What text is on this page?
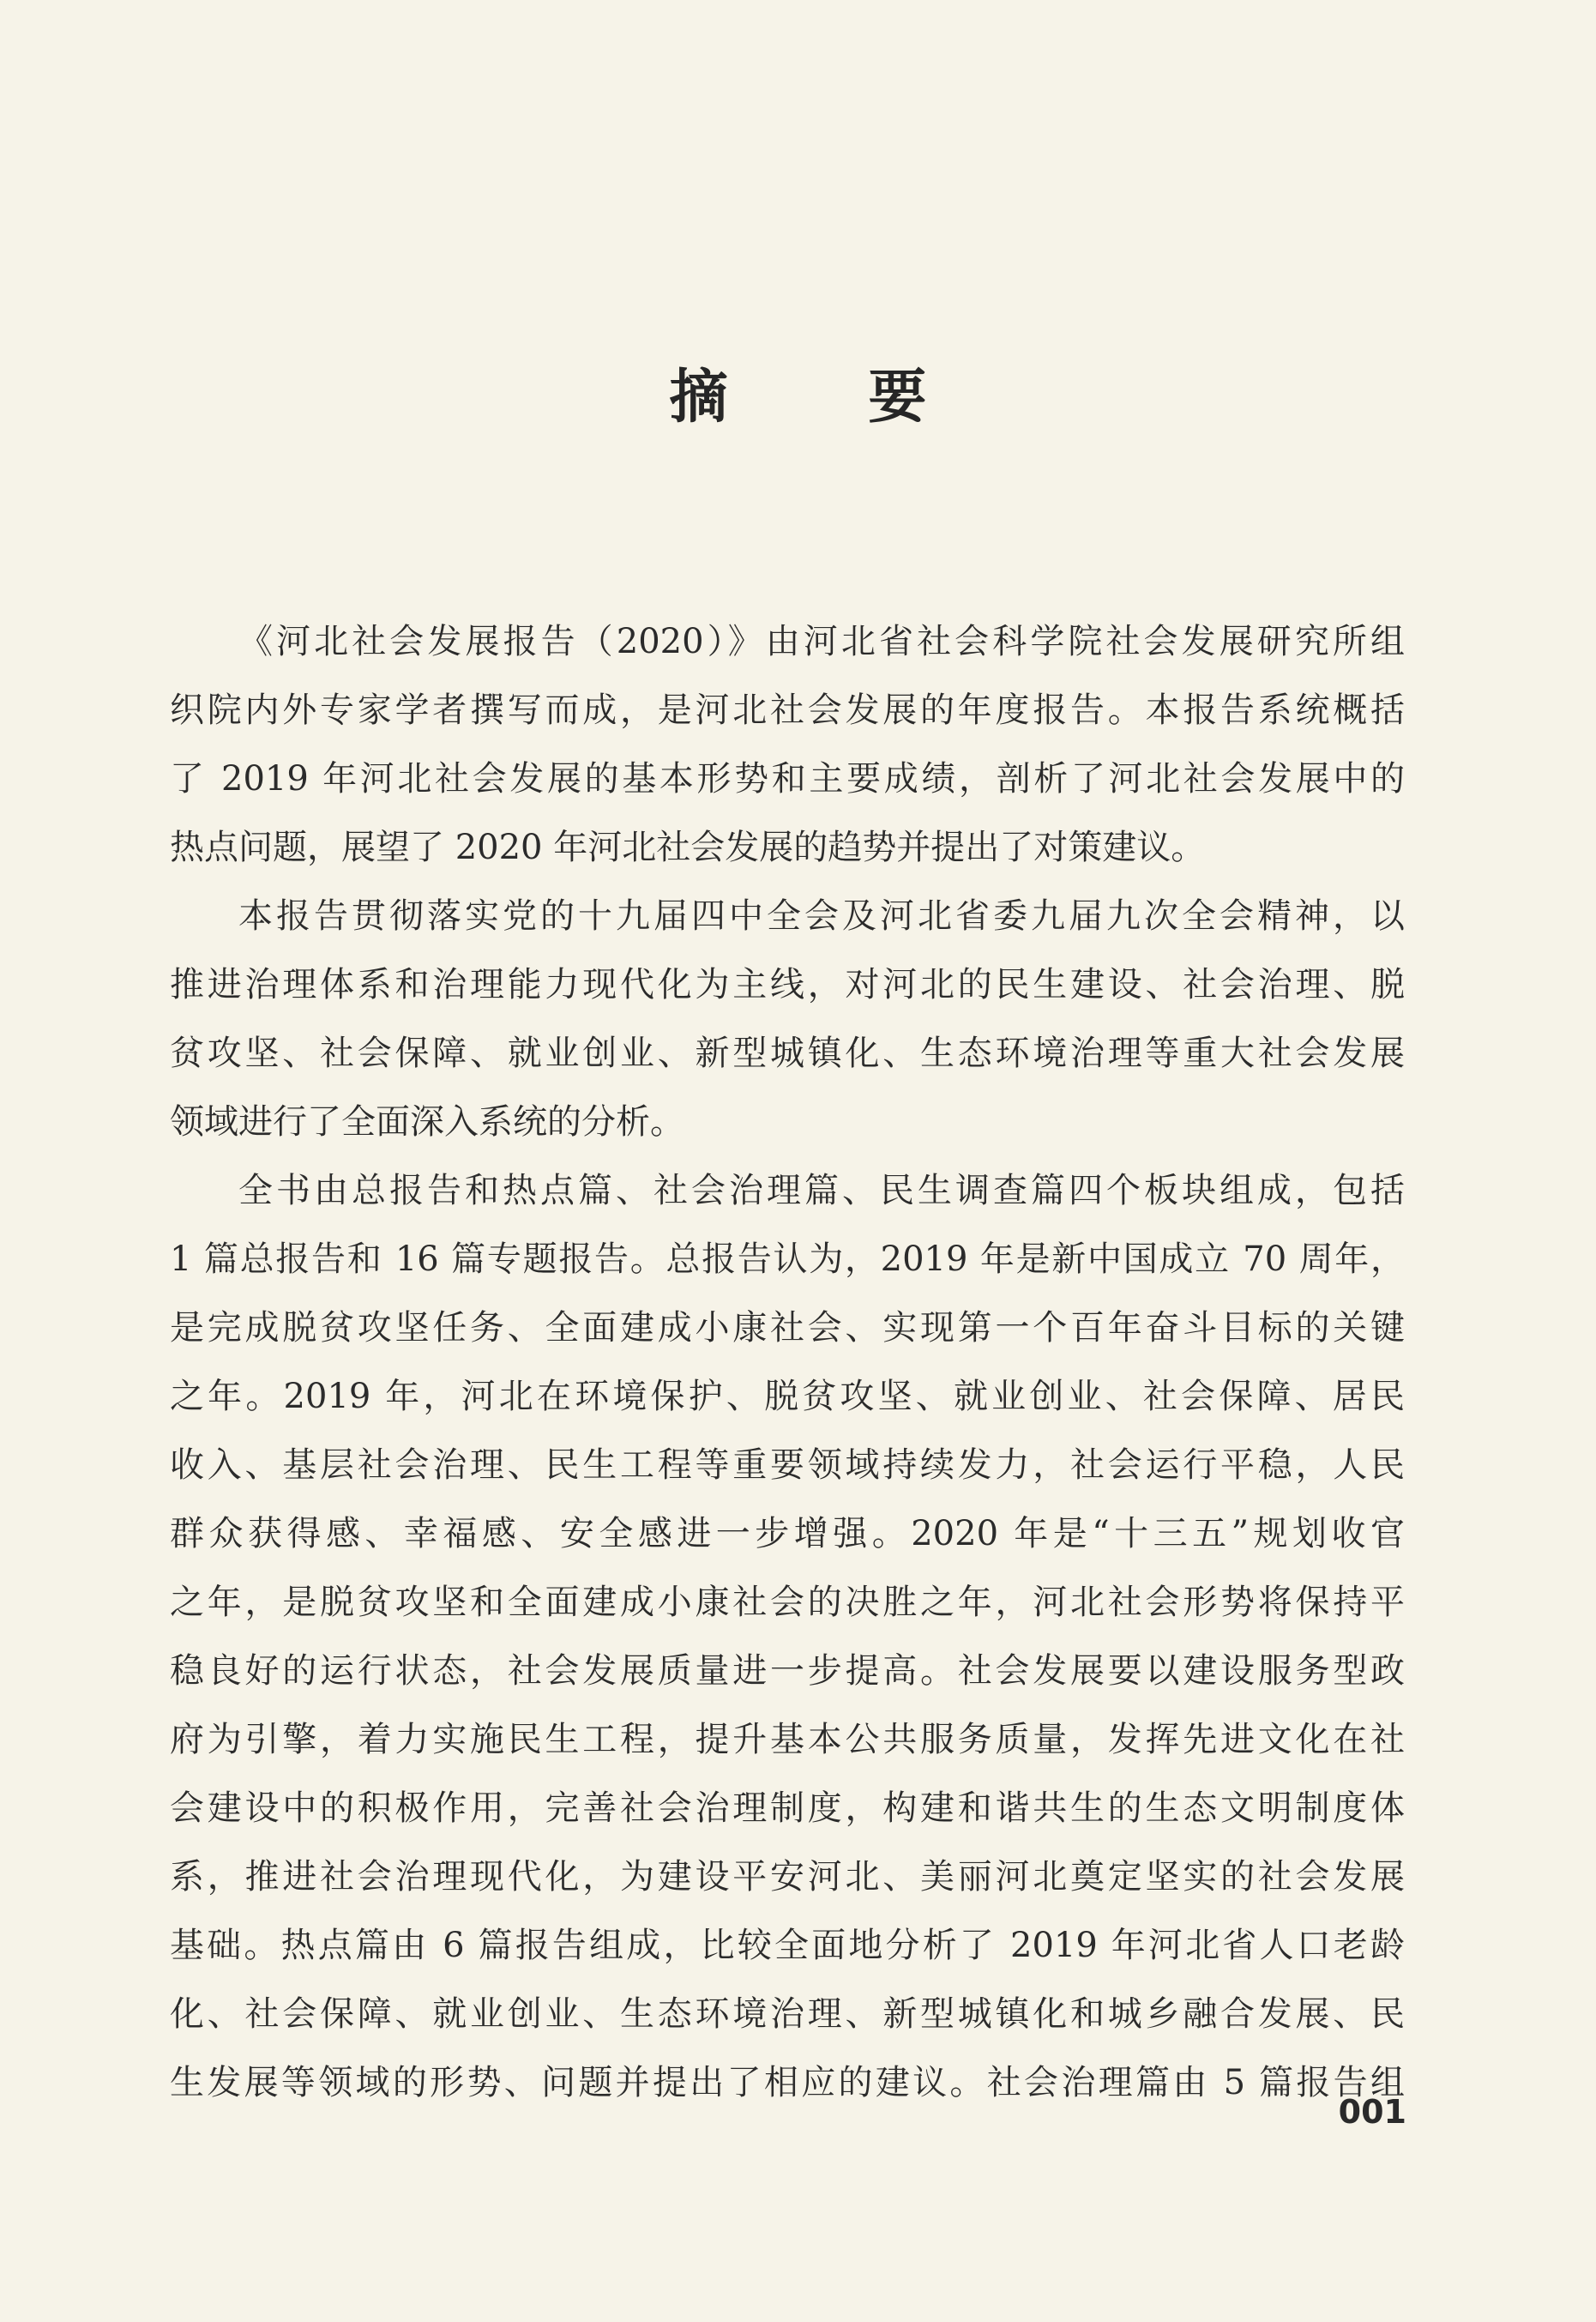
摘 要
《河北社会发展报告（2020）》由河北省社会科学院社会发展研究所组
织院内外专家学者撰写而成，是河北社会发展的年度报告。本报告系统概括
了 2019 年河北社会发展的基本形势和主要成绩，剖析了河北社会发展中的
热点问题，展望了 2020 年河北社会发展的趋势并提出了对策建议。
本报告贯彻落实党的十九届四中全会及河北省委九届九次全会精神，以
推进治理体系和治理能力现代化为主线，对河北的民生建设、社会治理、脱
贫攻坚、社会保障、就业创业、新型城镇化、生态环境治理等重大社会发展
领域进行了全面深入系统的分析。
全书由总报告和热点篇、社会治理篇、民生调查篇四个板块组成，包括
1 篇总报告和 16 篇专题报告。总报告认为，2019 年是新中国成立 70 周年，
是完成脱贫攻坚任务、全面建成小康社会、实现第一个百年奋斗目标的关键
之年。2019 年，河北在环境保护、脱贫攻坚、就业创业、社会保障、居民
收入、基层社会治理、民生工程等重要领域持续发力，社会运行平稳，人民
群众获得感、幸福感、安全感进一步增强。2020 年是“十三五”规划收官
之年，是脱贫攻坚和全面建成小康社会的决胜之年，河北社会形势将保持平
稳良好的运行状态，社会发展质量进一步提高。社会发展要以建设服务型政
府为引擎，着力实施民生工程，提升基本公共服务质量，发挥先进文化在社
会建设中的积极作用，完善社会治理制度，构建和谐共生的生态文明制度体
系，推进社会治理现代化，为建设平安河北、美丽河北奠定坚实的社会发展
基础。热点篇由 6 篇报告组成，比较全面地分析了 2019 年河北省人口老龄
化、社会保障、就业创业、生态环境治理、新型城镇化和城乡融合发展、民
生发展等领域的形势、问题并提出了相应的建议。社会治理篇由 5 篇报告组
001
